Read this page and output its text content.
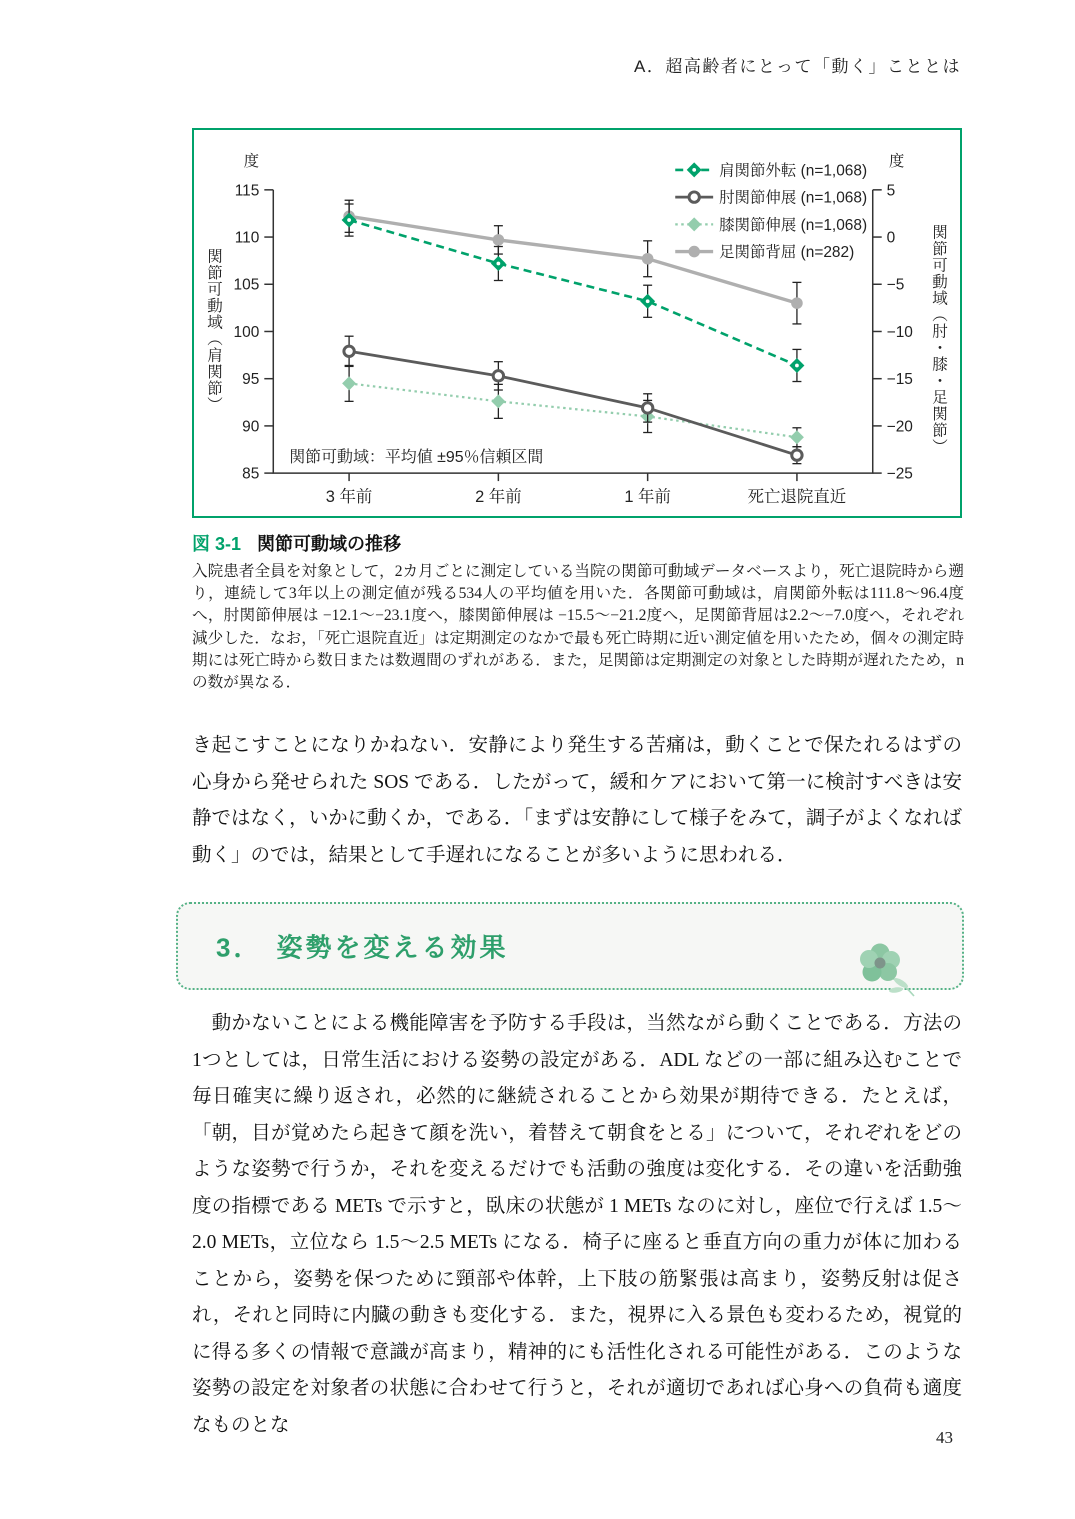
A．超高齢者にとって「動く」こととは
115
110
105
100
95
90
85
度
5
0
−5
−10
−15
−20
−25
度
3 年前	2 年前	1 年前	死亡退院直近
関節可動域：平均値 ±95％信頼区間
肩関節外転 (n=1,068)
肘関節伸展 (n=1,068)
膝関節伸展 (n=1,068)
足関節背屈 (n=282)
関節可動域（肩関節）	関節可動域（肘・膝・足関節）
図 3-1 関節可動域の推移

入院患者全員を対象として，2カ月ごとに測定している当院の関節可動域データベースより，死亡退院時から遡り，連続して3年以上の測定値が残る534人の平均値を用いた．各関節可動域は，肩関節外転は111.8〜96.4度へ，肘関節伸展は −12.1〜−23.1度へ，膝関節伸展は −15.5〜−21.2度へ，足関節背屈は2.2〜−7.0度へ，それぞれ減少した．なお，「死亡退院直近」は定期測定のなかで最も死亡時期に近い測定値を用いたため，個々の測定時期には死亡時から数日または数週間のずれがある．また，足関節は定期測定の対象とした時期が遅れたため，nの数が異なる．

き起こすことになりかねない．安静により発生する苦痛は，動くことで保たれるはずの心身から発せられた SOS である．したがって，緩和ケアにおいて第一に検討すべきは安静ではなく，いかに動くか，である．「まずは安静にして様子をみて，調子がよくなれば動く」のでは，結果として手遅れになることが多いように思われる．

3． 姿勢を変える効果

　動かないことによる機能障害を予防する手段は，当然ながら動くことである．方法の1つとしては，日常生活における姿勢の設定がある．ADL などの一部に組み込むことで毎日確実に繰り返され，必然的に継続されることから効果が期待できる．たとえば，「朝，目が覚めたら起きて顔を洗い，着替えて朝食をとる」について，それぞれをどのような姿勢で行うか，それを変えるだけでも活動の強度は変化する．その違いを活動強度の指標である METs で示すと，臥床の状態が 1 METs なのに対し，座位で行えば 1.5〜2.0 METs，立位なら 1.5〜2.5 METs になる．椅子に座ると垂直方向の重力が体に加わることから，姿勢を保つために頸部や体幹，上下肢の筋緊張は高まり，姿勢反射は促され，それと同時に内臓の動きも変化する．また，視界に入る景色も変わるため，視覚的に得る多くの情報で意識が高まり，精神的にも活性化される可能性がある．このような姿勢の設定を対象者の状態に合わせて行うと，それが適切であれば心身への負荷も適度なものとな

43
